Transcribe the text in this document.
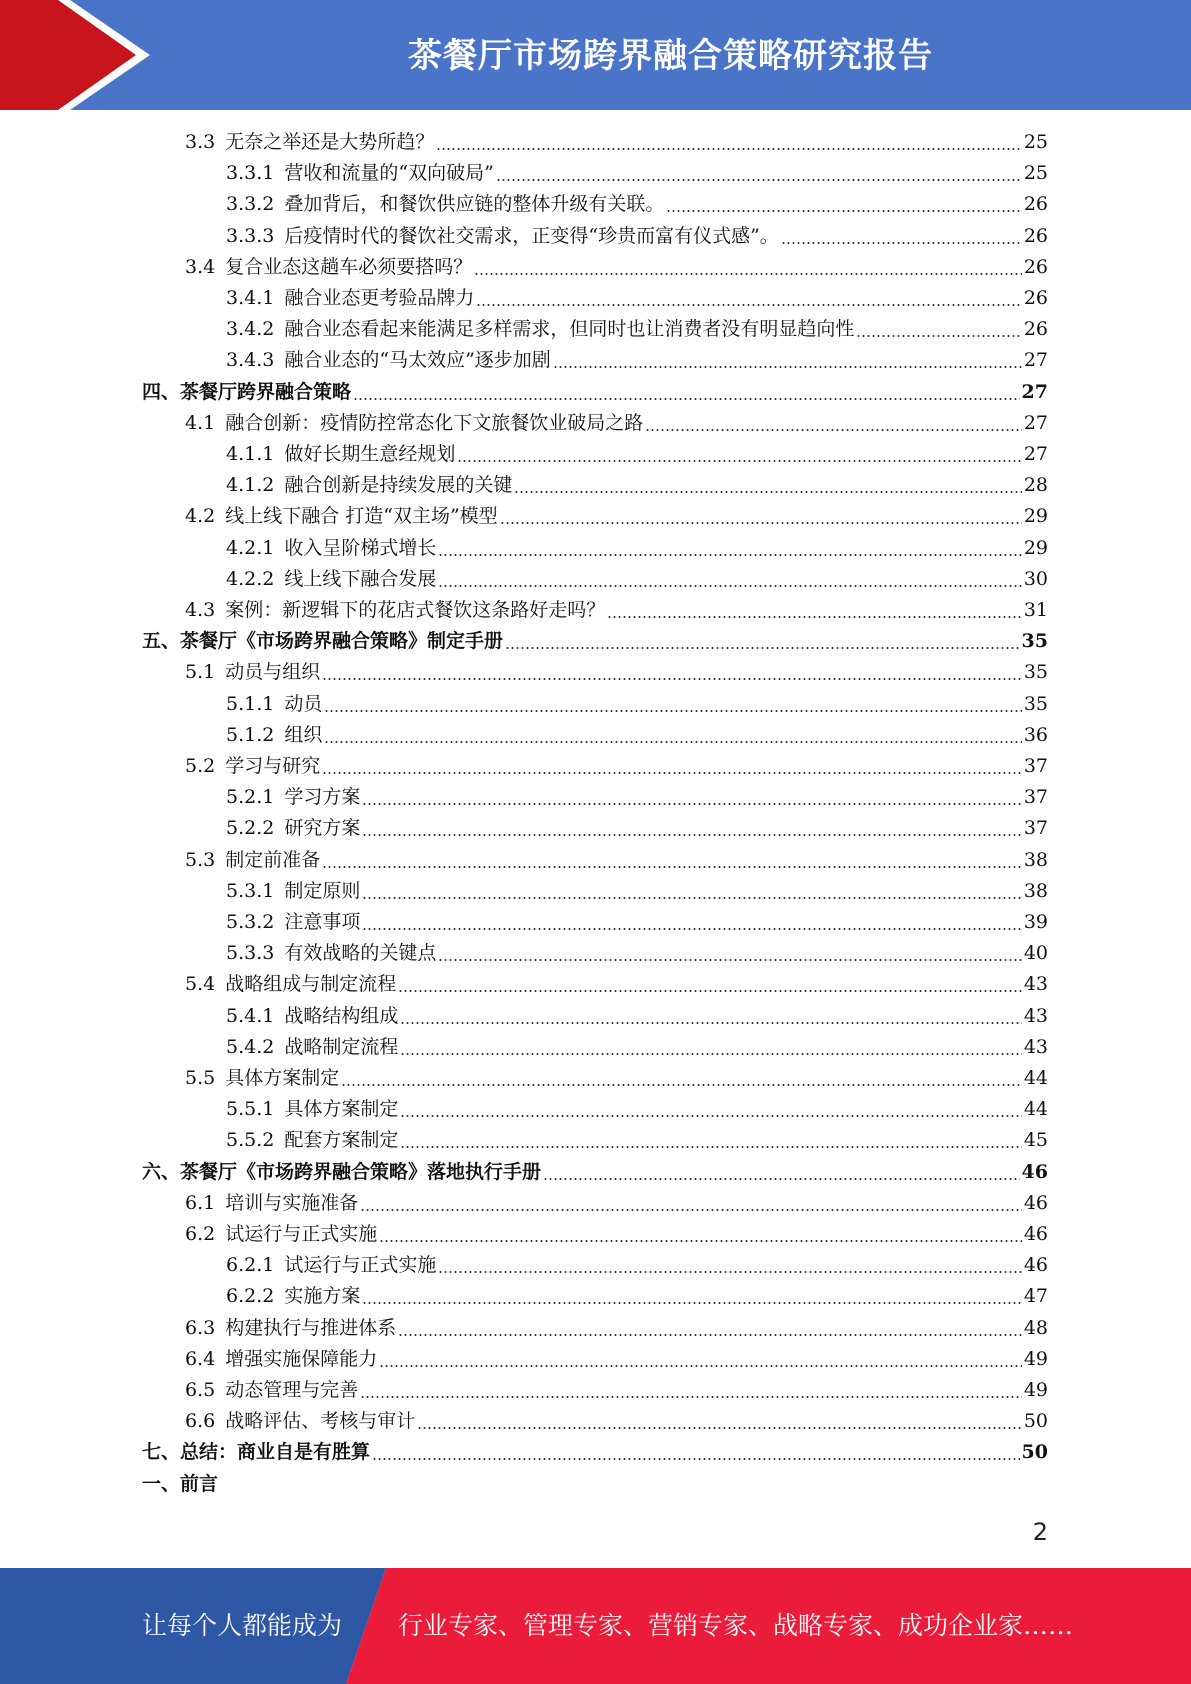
茶餐厅市场跨界融合策略研究报告
3.3 无奈之举还是大势所趋？	25
3.3.1 营收和流量的“双向破局”	25
3.3.2 叠加背后，和餐饮供应链的整体升级有关联。	26
3.3.3 后疫情时代的餐饮社交需求，正变得“珍贵而富有仪式感”。	26
3.4 复合业态这趟车必须要搭吗？	26
3.4.1 融合业态更考验品牌力	26
3.4.2 融合业态看起来能满足多样需求，但同时也让消费者没有明显趋向性	26
3.4.3 融合业态的“马太效应”逐步加剧	27
四、茶餐厅跨界融合策略	27
4.1 融合创新：疫情防控常态化下文旅餐饮业破局之路	27
4.1.1 做好长期生意经规划	27
4.1.2 融合创新是持续发展的关键	28
4.2 线上线下融合 打造“双主场”模型	29
4.2.1 收入呈阶梯式增长	29
4.2.2 线上线下融合发展	30
4.3 案例：新逻辑下的花店式餐饮这条路好走吗？	31
五、茶餐厅《市场跨界融合策略》制定手册	35
5.1 动员与组织	35
5.1.1 动员	35
5.1.2 组织	36
5.2 学习与研究	37
5.2.1 学习方案	37
5.2.2 研究方案	37
5.3 制定前准备	38
5.3.1 制定原则	38
5.3.2 注意事项	39
5.3.3 有效战略的关键点	40
5.4 战略组成与制定流程	43
5.4.1 战略结构组成	43
5.4.2 战略制定流程	43
5.5 具体方案制定	44
5.5.1 具体方案制定	44
5.5.2 配套方案制定	45
六、茶餐厅《市场跨界融合策略》落地执行手册	46
6.1 培训与实施准备	46
6.2 试运行与正式实施	46
6.2.1 试运行与正式实施	46
6.2.2 实施方案	47
6.3 构建执行与推进体系	48
6.4 增强实施保障能力	49
6.5 动态管理与完善	49
6.6 战略评估、考核与审计	50
七、总结：商业自是有胜算	50
一、前言
2
让每个人都能成为 行业专家、管理专家、营销专家、战略专家、成功企业家……
